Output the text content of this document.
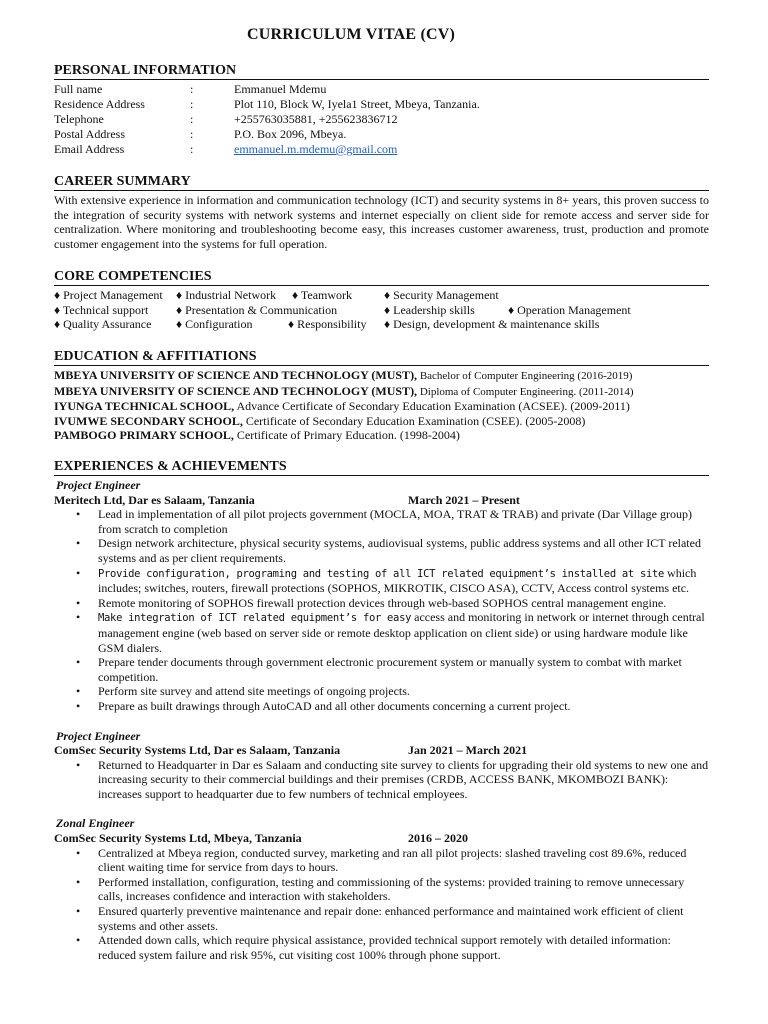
CURRICULUM VITAE (CV)
PERSONAL INFORMATION
Full name	:	Emmanuel Mdemu
Residence Address	:	Plot 110, Block W, Iyela1 Street, Mbeya, Tanzania.
Telephone	:	+255763035881, +255623836712
Postal Address	:	P.O. Box 2096, Mbeya.
Email Address	:	emmanuel.m.mdemu@gmail.com
CAREER SUMMARY
With extensive experience in information and communication technology (ICT) and security systems in 8+ years, this proven success to the integration of security systems with network systems and internet especially on client side for remote access and server side for centralization. Where monitoring and troubleshooting become easy, this increases customer awareness, trust, production and promote customer engagement into the systems for full operation.
CORE COMPETENCIES
♦ Project Management	♦ Industrial Network	♦ Teamwork	♦ Security Management
♦ Technical support	♦ Presentation & Communication	♦ Leadership skills	♦ Operation Management
♦ Quality Assurance	♦ Configuration	♦ Responsibility	♦ Design, development & maintenance skills
EDUCATION & AFFITIATIONS
MBEYA UNIVERSITY OF SCIENCE AND TECHNOLOGY (MUST), Bachelor of Computer Engineering (2016-2019)
MBEYA UNIVERSITY OF SCIENCE AND TECHNOLOGY (MUST), Diploma of Computer Engineering. (2011-2014)
IYUNGA TECHNICAL SCHOOL, Advance Certificate of Secondary Education Examination (ACSEE). (2009-2011)
IVUMWE SECONDARY SCHOOL, Certificate of Secondary Education Examination (CSEE). (2005-2008)
PAMBOGO PRIMARY SCHOOL, Certificate of Primary Education. (1998-2004)
EXPERIENCES & ACHIEVEMENTS
Project Engineer
Meritech Ltd, Dar es Salaam, Tanzania	March 2021 – Present
• Lead in implementation of all pilot projects government (MOCLA, MOA, TRAT & TRAB) and private (Dar Village group) from scratch to completion
• Design network architecture, physical security systems, audiovisual systems, public address systems and all other ICT related systems and as per client requirements.
• Provide configuration, programing and testing of all ICT related equipment’s installed at site which includes; switches, routers, firewall protections (SOPHOS, MIKROTIK, CISCO ASA), CCTV, Access control systems etc.
• Remote monitoring of SOPHOS firewall protection devices through web-based SOPHOS central management engine.
• Make integration of ICT related equipment’s for easy access and monitoring in network or internet through central management engine (web based on server side or remote desktop application on client side) or using hardware module like GSM dialers.
• Prepare tender documents through government electronic procurement system or manually system to combat with market competition.
• Perform site survey and attend site meetings of ongoing projects.
• Prepare as built drawings through AutoCAD and all other documents concerning a current project.
Project Engineer
ComSec Security Systems Ltd, Dar es Salaam, Tanzania	Jan 2021 – March 2021
• Returned to Headquarter in Dar es Salaam and conducting site survey to clients for upgrading their old systems to new one and increasing security to their commercial buildings and their premises (CRDB, ACCESS BANK, MKOMBOZI BANK): increases support to headquarter due to few numbers of technical employees.
Zonal Engineer
ComSec Security Systems Ltd, Mbeya, Tanzania	2016 – 2020
• Centralized at Mbeya region, conducted survey, marketing and ran all pilot projects: slashed traveling cost 89.6%, reduced client waiting time for service from days to hours.
• Performed installation, configuration, testing and commissioning of the systems: provided training to remove unnecessary calls, increases confidence and interaction with stakeholders.
• Ensured quarterly preventive maintenance and repair done: enhanced performance and maintained work efficient of client systems and other assets.
• Attended down calls, which require physical assistance, provided technical support remotely with detailed information: reduced system failure and risk 95%, cut visiting cost 100% through phone support.
